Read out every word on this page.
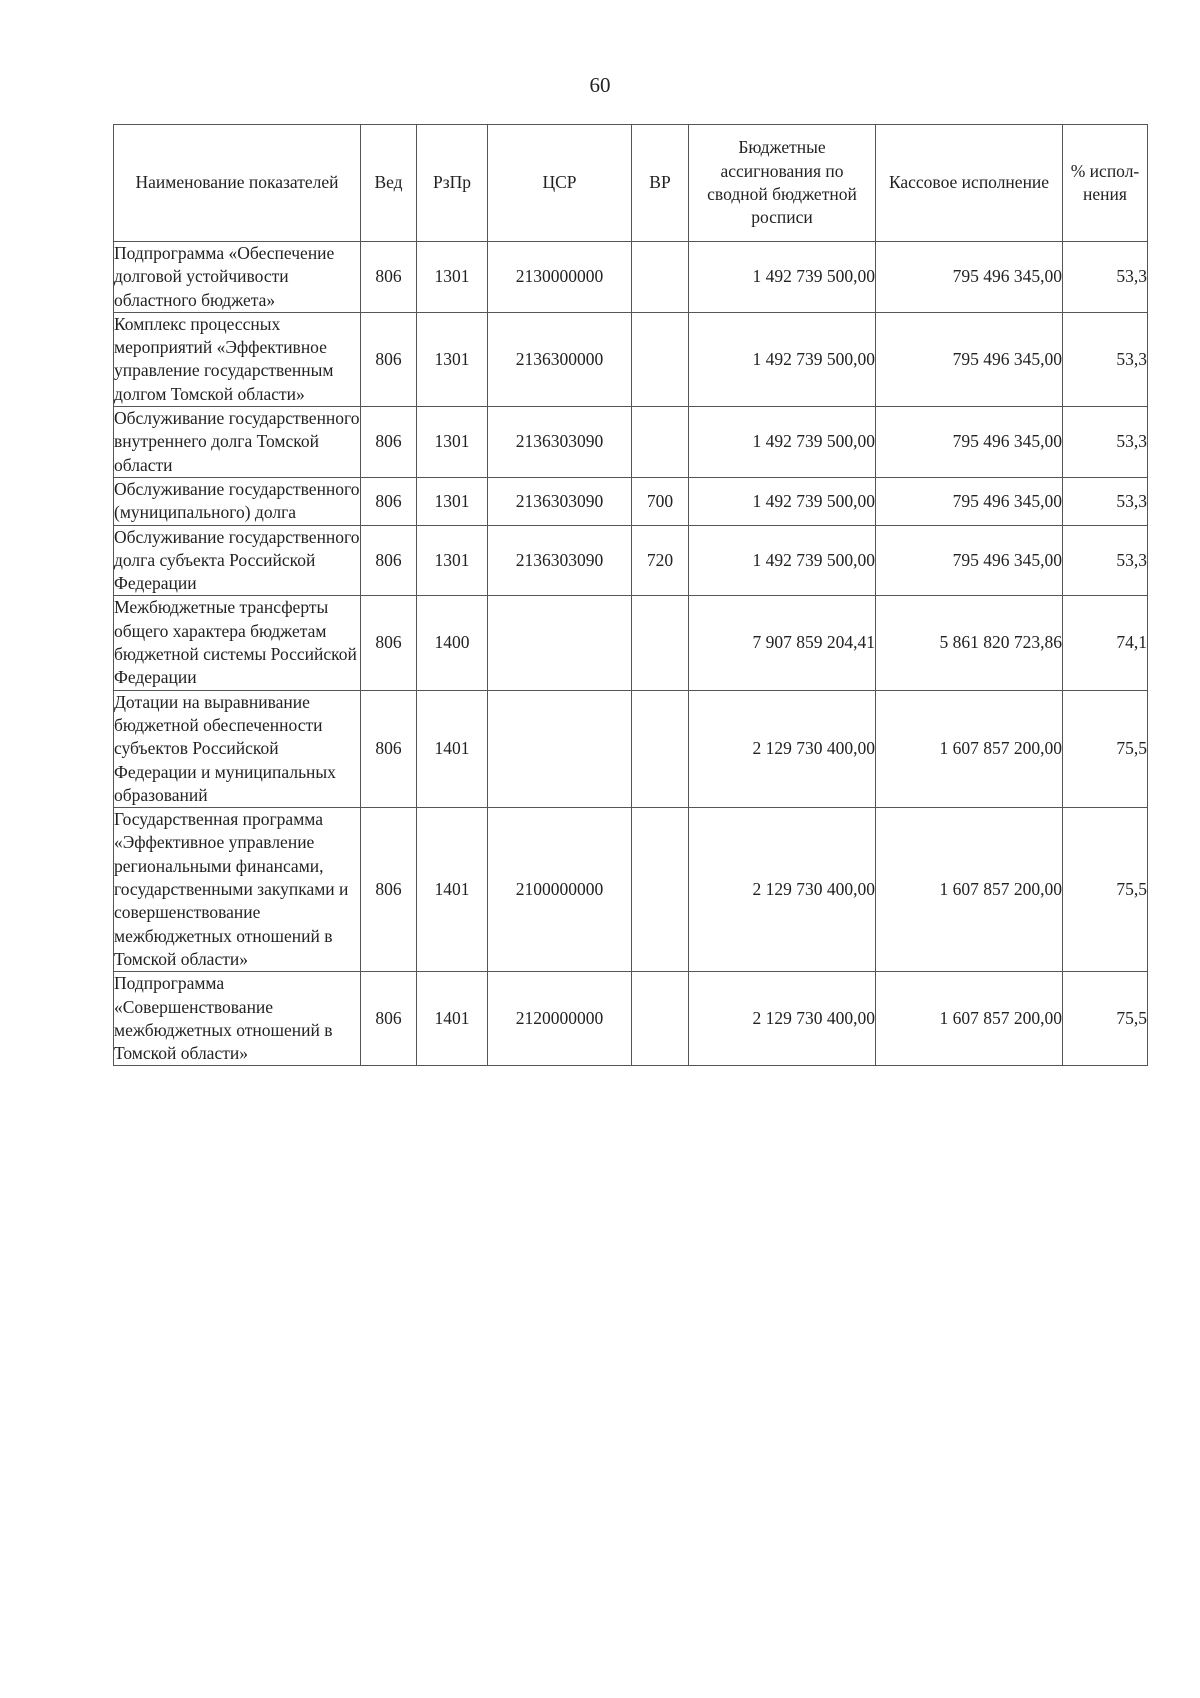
60
Наименование показателей	Вед	РзПр	ЦСР	ВР	Бюджетные ассигнования по сводной бюджетной росписи	Кассовое исполнение	% испол-нения
Подпрограмма «Обеспечение долговой устойчивости областного бюджета»	806	1301	2130000000		1 492 739 500,00	795 496 345,00	53,3
Комплекс процессных мероприятий «Эффективное управление государственным долгом Томской области»	806	1301	2136300000		1 492 739 500,00	795 496 345,00	53,3
Обслуживание государственного внутреннего долга Томской области	806	1301	2136303090		1 492 739 500,00	795 496 345,00	53,3
Обслуживание государственного (муниципального) долга	806	1301	2136303090	700	1 492 739 500,00	795 496 345,00	53,3
Обслуживание государственного долга субъекта Российской Федерации	806	1301	2136303090	720	1 492 739 500,00	795 496 345,00	53,3
Межбюджетные трансферты общего характера бюджетам бюджетной системы Российской Федерации	806	1400			7 907 859 204,41	5 861 820 723,86	74,1
Дотации на выравнивание бюджетной обеспеченности субъектов Российской Федерации и муниципальных образований	806	1401			2 129 730 400,00	1 607 857 200,00	75,5
Государственная программа «Эффективное управление региональными финансами, государственными закупками и совершенствование межбюджетных отношений в Томской области»	806	1401	2100000000		2 129 730 400,00	1 607 857 200,00	75,5
Подпрограмма «Совершенствование межбюджетных отношений в Томской области»	806	1401	2120000000		2 129 730 400,00	1 607 857 200,00	75,5
